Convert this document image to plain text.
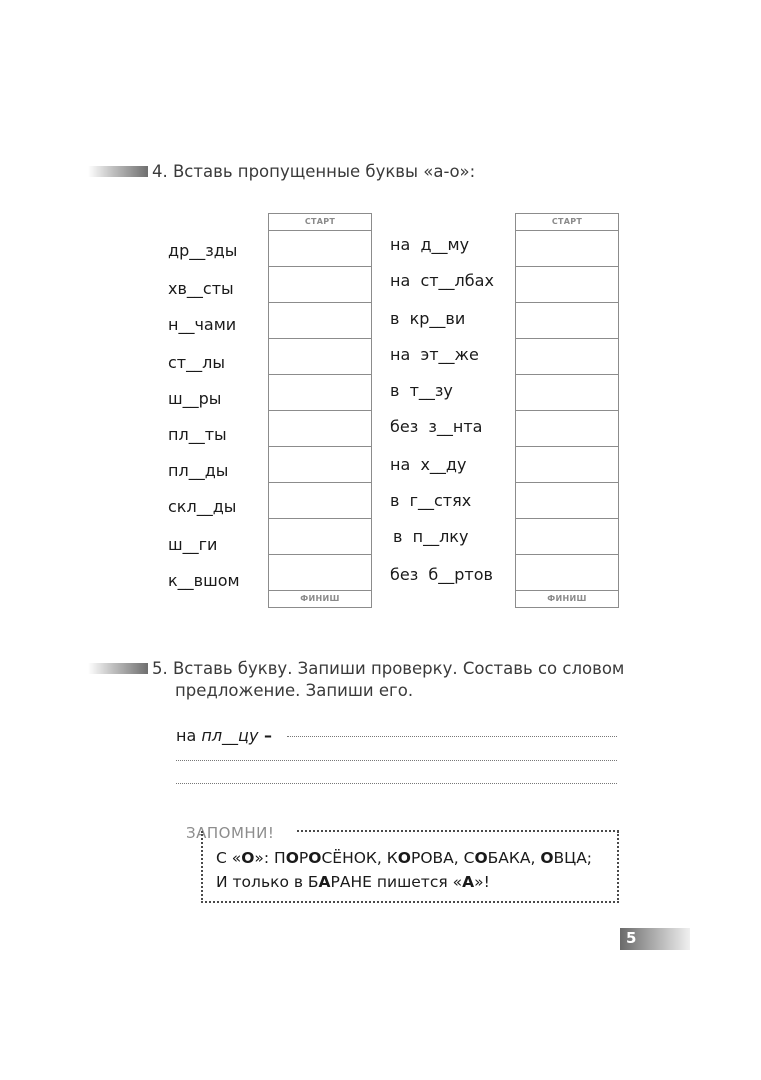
4. Вставь пропущенные буквы «а-о»:
др__зды
хв__сты
н__чами
ст__лы
ш__ры
пл__ты
пл__ды
скл__ды
ш__ги
к__вшом
СТАРТ
ФИНИШ
на  д__му
на  ст__лбах
в  кр__ви
на  эт__же
в  т__зу
без  з__нта
на  х__ду
в  г__стях
в  п__лку
без  б__ртов
СТАРТ
ФИНИШ
5. Вставь букву. Запиши проверку. Составь со словом
предложение. Запиши его.
на пл__цу –
ЗАПОМНИ!
С «О»: ПОРОСЁНОК, КОРОВА, СОБАКА, ОВЦА;
И только в БАРАНЕ пишется «А»!
5
